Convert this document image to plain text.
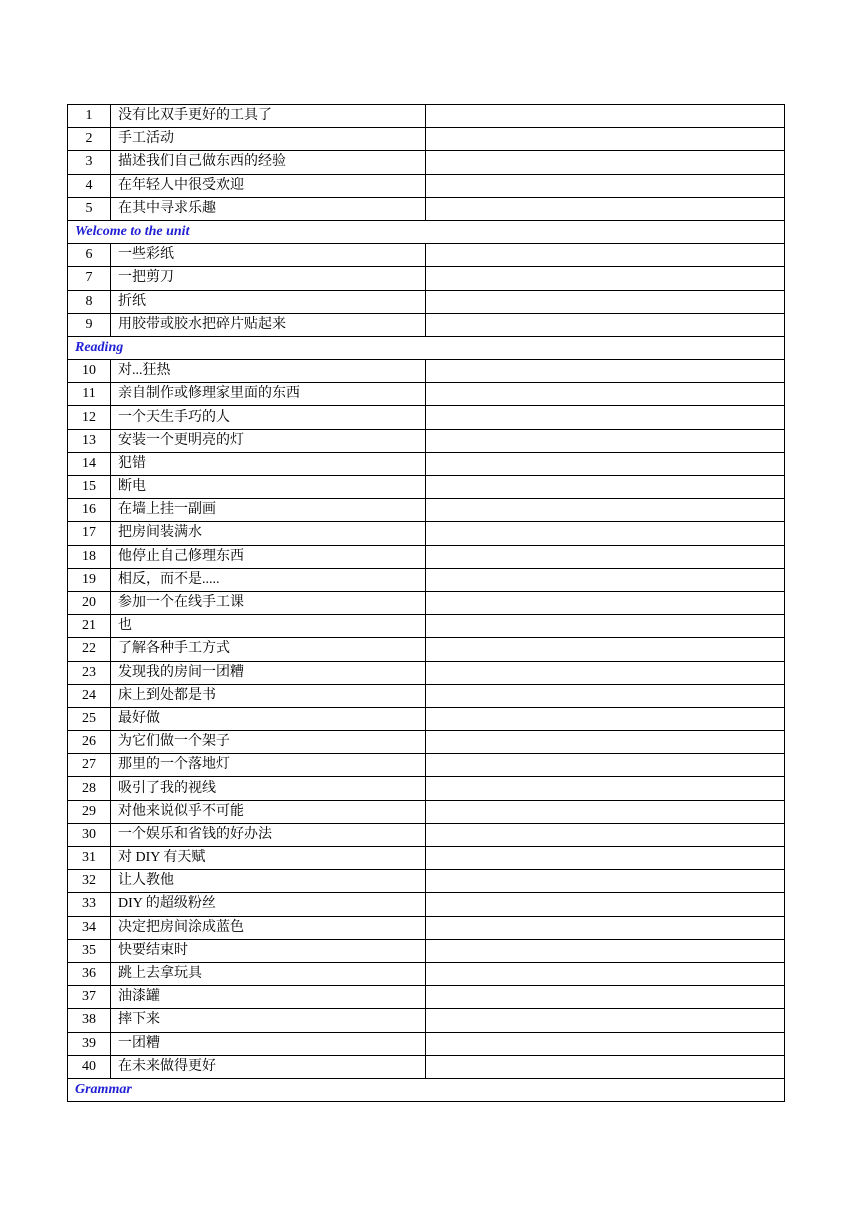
1	没有比双手更好的工具了	
2	手工活动	
3	描述我们自己做东西的经验	
4	在年轻人中很受欢迎	
5	在其中寻求乐趣	
Welcome to the unit		
6	一些彩纸	
7	一把剪刀	
8	折纸	
9	用胶带或胶水把碎片贴起来	
Reading		
10	对...狂热	
11	亲自制作或修理家里面的东西	
12	一个天生手巧的人	
13	安装一个更明亮的灯	
14	犯错	
15	断电	
16	在墙上挂一副画	
17	把房间装满水	
18	他停止自己修理东西	
19	相反，而不是.....	
20	参加一个在线手工课	
21	也	
22	了解各种手工方式	
23	发现我的房间一团糟	
24	床上到处都是书	
25	最好做	
26	为它们做一个架子	
27	那里的一个落地灯	
28	吸引了我的视线	
29	对他来说似乎不可能	
30	一个娱乐和省钱的好办法	
31	对 DIY 有天赋	
32	让人教他	
33	DIY 的超级粉丝	
34	决定把房间涂成蓝色	
35	快要结束时	
36	跳上去拿玩具	
37	油漆罐	
38	摔下来	
39	一团糟	
40	在未来做得更好	
Grammar		
